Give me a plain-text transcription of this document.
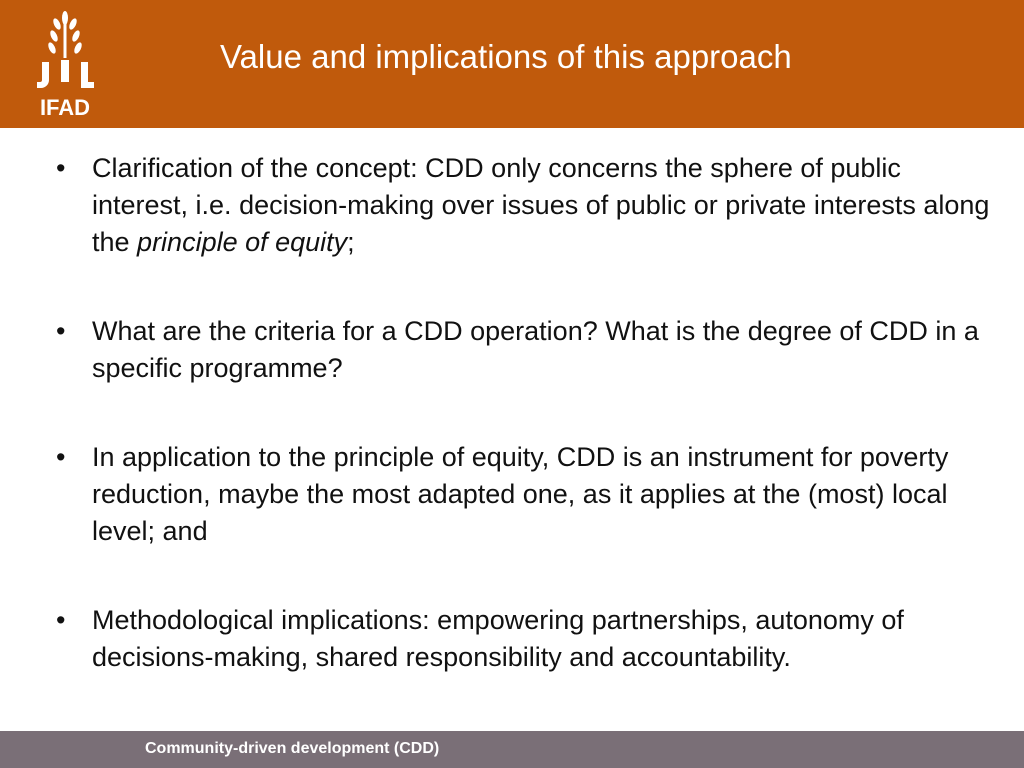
IFAD
Value and implications of this approach
• Clarification of the concept: CDD only concerns the sphere of public interest, i.e. decision-making over issues of public or private interests along the principle of equity;
• What are the criteria for a CDD operation? What is the degree of CDD in a specific programme?
• In application to the principle of equity, CDD is an instrument for poverty reduction, maybe the most adapted one, as it applies at the (most) local level; and
• Methodological implications: empowering partnerships, autonomy of decisions-making, shared responsibility and accountability.
Community-driven development (CDD)
